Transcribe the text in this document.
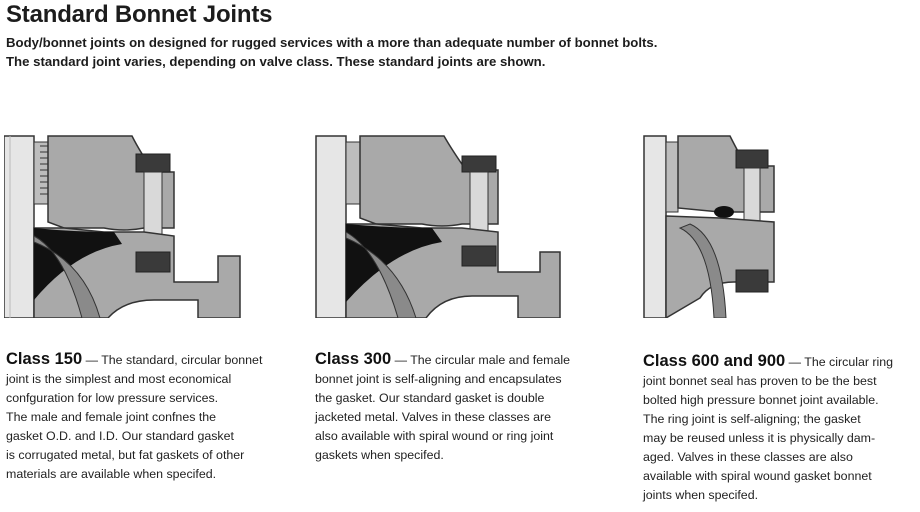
Standard Bonnet Joints
Body/bonnet joints on designed for rugged services with a more than adequate number of bonnet bolts.
The standard joint varies, depending on valve class. These standard joints are shown.
Class 150 — The standard, circular bonnet
joint is the simplest and most economical
confguration for low pressure services.
The male and female joint confnes the
gasket O.D. and I.D. Our standard gasket
is corrugated metal, but fat gaskets of other
materials are available when specifed.
Class 300 — The circular male and female
bonnet joint is self-aligning and encapsulates
the gasket. Our standard gasket is double
jacketed metal. Valves in these classes are
also available with spiral wound or ring joint
gaskets when specifed.
Class 600 and 900 — The circular ring
joint bonnet seal has proven to be the best
bolted high pressure bonnet joint available.
The ring joint is self-aligning; the gasket
may be reused unless it is physically dam-
aged. Valves in these classes are also
available with spiral wound gasket bonnet
joints when specifed.
